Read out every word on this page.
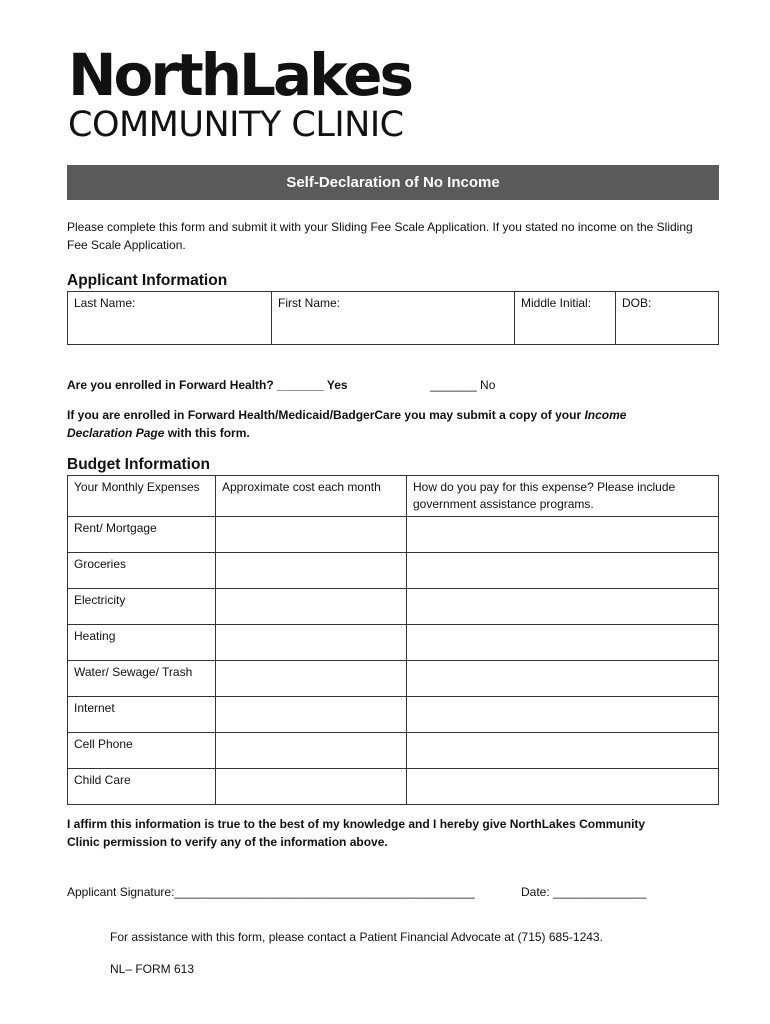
NorthLakes
COMMUNITY CLINIC
Self-Declaration of No Income
Please complete this form and submit it with your Sliding Fee Scale Application. If you stated no income on the Sliding Fee Scale Application.
Applicant Information
Last Name:	First Name:	Middle Initial:	DOB:
Are you enrolled in Forward Health? _______ Yes	_______ No
If you are enrolled in Forward Health/Medicaid/BadgerCare you may submit a copy of your Income Declaration Page with this form.
Budget Information
Your Monthly Expenses	Approximate cost each month	How do you pay for this expense? Please include government assistance programs.
Rent/ Mortgage		
Groceries		
Electricity		
Heating		
Water/ Sewage/ Trash		
Internet		
Cell Phone		
Child Care		
I affirm this information is true to the best of my knowledge and I hereby give NorthLakes Community Clinic permission to verify any of the information above.
Applicant Signature:_____________________________________________	Date: ______________
For assistance with this form, please contact a Patient Financial Advocate at (715) 685-1243.
NL– FORM 613
